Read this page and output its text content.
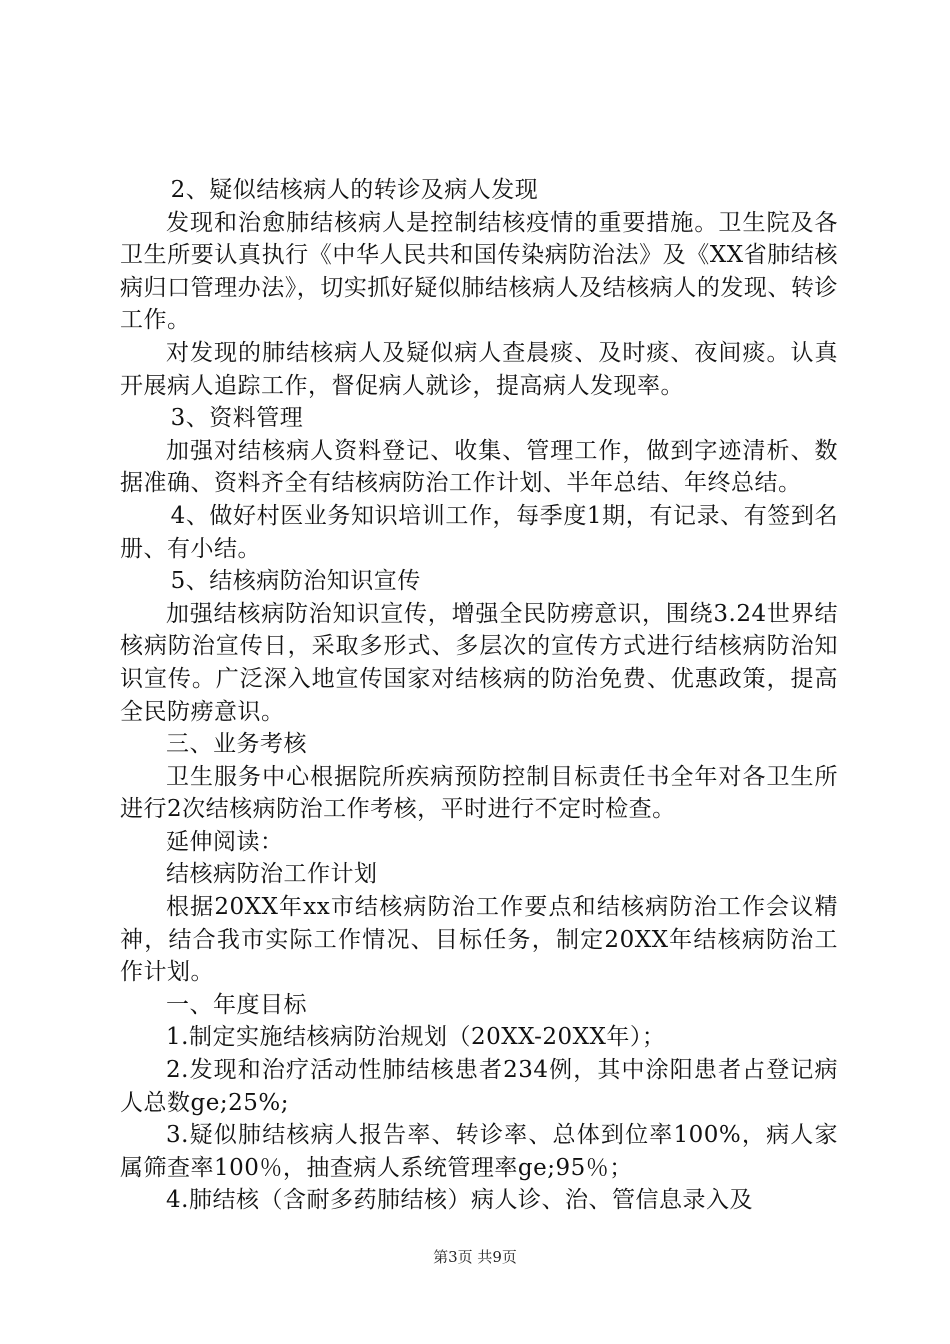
2、疑似结核病人的转诊及病人发现

发现和治愈肺结核病人是控制结核疫情的重要措施。卫生院及各卫生所要认真执行《中华人民共和国传染病防治法》及《XX省肺结核病归口管理办法》，切实抓好疑似肺结核病人及结核病人的发现、转诊工作。

对发现的肺结核病人及疑似病人查晨痰、及时痰、夜间痰。认真开展病人追踪工作，督促病人就诊，提高病人发现率。

3、资料管理

加强对结核病人资料登记、收集、管理工作，做到字迹清析、数据准确、资料齐全有结核病防治工作计划、半年总结、年终总结。

4、做好村医业务知识培训工作，每季度1期，有记录、有签到名册、有小结。

5、结核病防治知识宣传

加强结核病防治知识宣传，增强全民防痨意识，围绕3.24世界结核病防治宣传日，采取多形式、多层次的宣传方式进行结核病防治知识宣传。广泛深入地宣传国家对结核病的防治免费、优惠政策，提高全民防痨意识。

三、业务考核

卫生服务中心根据院所疾病预防控制目标责任书全年对各卫生所进行2次结核病防治工作考核，平时进行不定时检查。

延伸阅读：

结核病防治工作计划

根据20XX年xx市结核病防治工作要点和结核病防治工作会议精神，结合我市实际工作情况、目标任务，制定20XX年结核病防治工作计划。

一、年度目标

1.制定实施结核病防治规划（20XX-20XX年）；

2.发现和治疗活动性肺结核患者234例，其中涂阳患者占登记病人总数ge;25%;

3.疑似肺结核病人报告率、转诊率、总体到位率100%，病人家属筛查率100％，抽查病人系统管理率ge;95％；

4.肺结核（含耐多药肺结核）病人诊、治、管信息录入及

第3页 共9页
